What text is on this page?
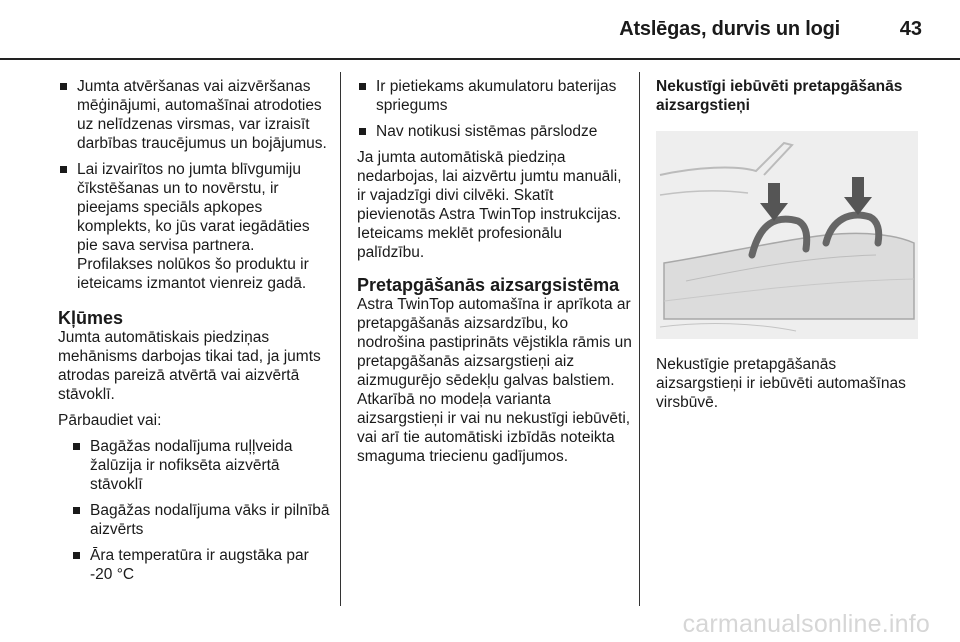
Atslēgas, durvis un logi	43
Jumta atvēršanas vai aizvēršanas mēģinājumi, automašīnai atrodoties uz nelīdzenas virsmas, var izraisīt darbības traucējumus un bojājumus.
Lai izvairītos no jumta blīvgumiju čīkstēšanas un to novērstu, ir pieejams speciāls apkopes komplekts, ko jūs varat iegādāties pie sava servisa partnera. Profilakses nolūkos šo produktu ir ieteicams izmantot vienreiz gadā.
Kļūmes

Jumta automātiskais piedziņas mehānisms darbojas tikai tad, ja jumts atrodas pareizā atvērtā vai aizvērtā stāvoklī.

Pārbaudiet vai:

Bagāžas nodalījuma ruļļveida žalūzija ir nofiksēta aizvērtā stāvoklī
Bagāžas nodalījuma vāks ir pilnībā aizvērts
Āra temperatūra ir augstāka par -20 °C
Ir pietiekams akumulatoru baterijas spriegums
Nav notikusi sistēmas pārslodze

Ja jumta automātiskā piedziņa nedarbojas, lai aizvērtu jumtu manuāli, ir vajadzīgi divi cilvēki. Skatīt pievienotās Astra TwinTop instrukcijas. Ieteicams meklēt profesionālu palīdzību.

Pretapgāšanās aizsargsistēma

Astra TwinTop automašīna ir aprīkota ar pretapgāšanās aizsardzību, ko nodrošina pastiprināts vējstikla rāmis un pretapgāšanās aizsargstieņi aiz aizmugurējo sēdekļu galvas balstiem. Atkarībā no modeļa varianta aizsargstieņi ir vai nu nekustīgi iebūvēti, vai arī tie automātiski izbīdās noteikta smaguma triecienu gadījumos.

Nekustīgi iebūvēti pretapgāšanās aizsargstieņi

Nekustīgie pretapgāšanās aizsargstieņi ir iebūvēti automašīnas virsbūvē.

carmanualsonline.info
